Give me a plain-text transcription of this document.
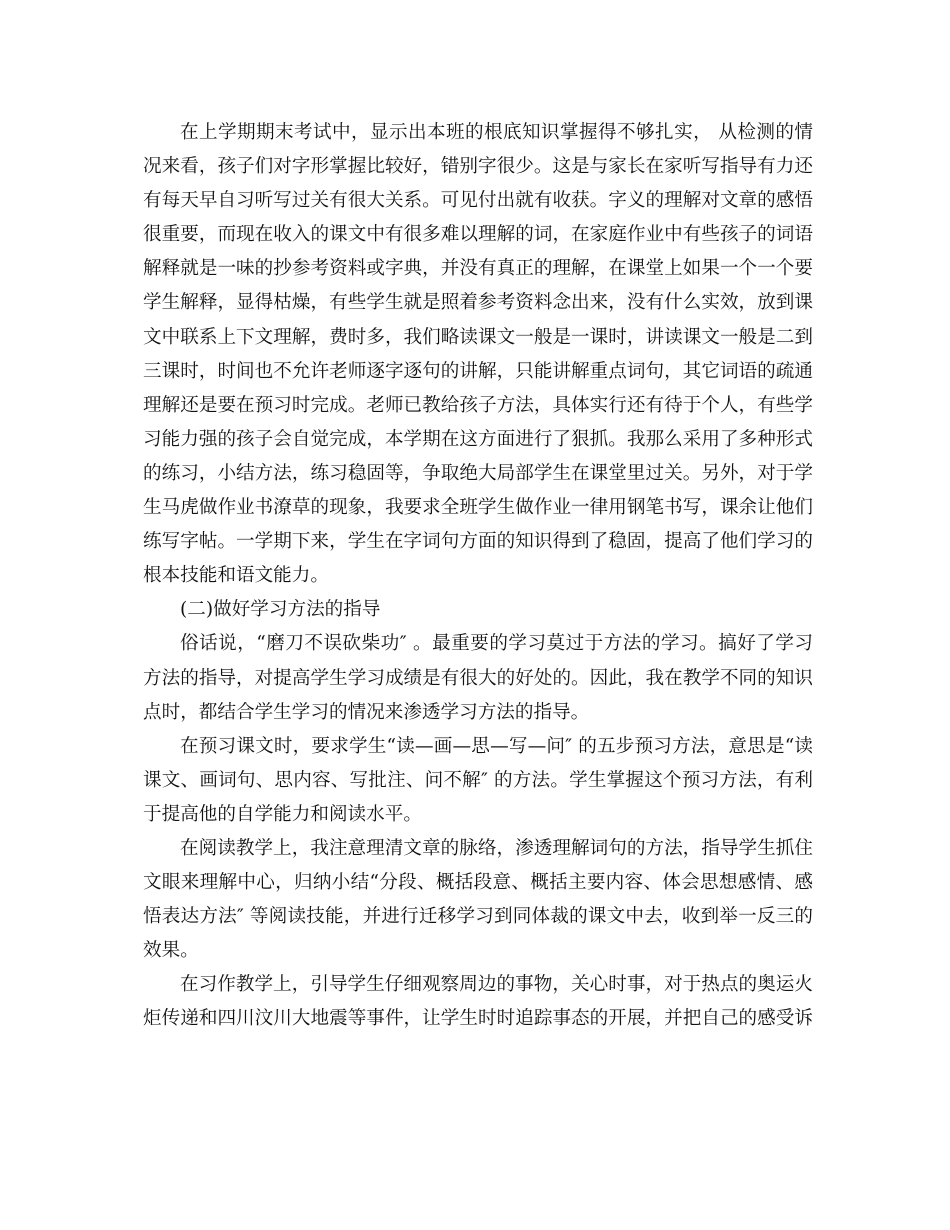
在上学期期末考试中，显示出本班的根底知识掌握得不够扎实， 从检测的情
况来看，孩子们对字形掌握比较好，错别字很少。这是与家长在家听写指导有力还
有每天早自习听写过关有很大关系。可见付出就有收获。字义的理解对文章的感悟
很重要，而现在收入的课文中有很多难以理解的词，在家庭作业中有些孩子的词语
解释就是一味的抄参考资料或字典，并没有真正的理解，在课堂上如果一个一个要
学生解释，显得枯燥，有些学生就是照着参考资料念出来，没有什么实效，放到课
文中联系上下文理解，费时多，我们略读课文一般是一课时，讲读课文一般是二到
三课时，时间也不允许老师逐字逐句的讲解，只能讲解重点词句，其它词语的疏通
理解还是要在预习时完成。老师已教给孩子方法，具体实行还有待于个人，有些学
习能力强的孩子会自觉完成，本学期在这方面进行了狠抓。我那么采用了多种形式
的练习，小结方法，练习稳固等，争取绝大局部学生在课堂里过关。另外，对于学
生马虎做作业书潦草的现象，我要求全班学生做作业一律用钢笔书写，课余让他们
练写字帖。一学期下来，学生在字词句方面的知识得到了稳固，提高了他们学习的
根本技能和语文能力。
(二)做好学习方法的指导
俗话说，“磨刀不误砍柴功″ 。最重要的学习莫过于方法的学习。搞好了学习
方法的指导，对提高学生学习成绩是有很大的好处的。因此，我在教学不同的知识
点时，都结合学生学习的情况来渗透学习方法的指导。
在预习课文时，要求学生“读—画—思—写—问″ 的五步预习方法，意思是“读
课文、画词句、思内容、写批注、问不解″ 的方法。学生掌握这个预习方法，有利
于提高他的自学能力和阅读水平。
在阅读教学上，我注意理清文章的脉络，渗透理解词句的方法，指导学生抓住
文眼来理解中心，归纳小结“分段、概括段意、概括主要内容、体会思想感情、感
悟表达方法″ 等阅读技能，并进行迁移学习到同体裁的课文中去，收到举一反三的
效果。
在习作教学上，引导学生仔细观察周边的事物，关心时事，对于热点的奥运火
炬传递和四川汶川大地震等事件，让学生时时追踪事态的开展，并把自己的感受诉
